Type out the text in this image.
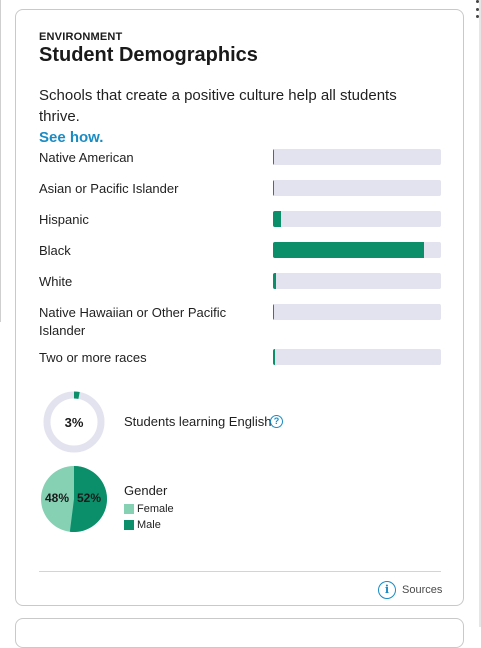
ENVIRONMENT
Student Demographics
Schools that create a positive culture help all students thrive.
See how.
Native American
Asian or Pacific Islander
Hispanic
Black
White
Native Hawaiian or Other Pacific Islander
Two or more races
3%	Students learning English ?
48% 52% Gender
Female
Male
i	Sources
